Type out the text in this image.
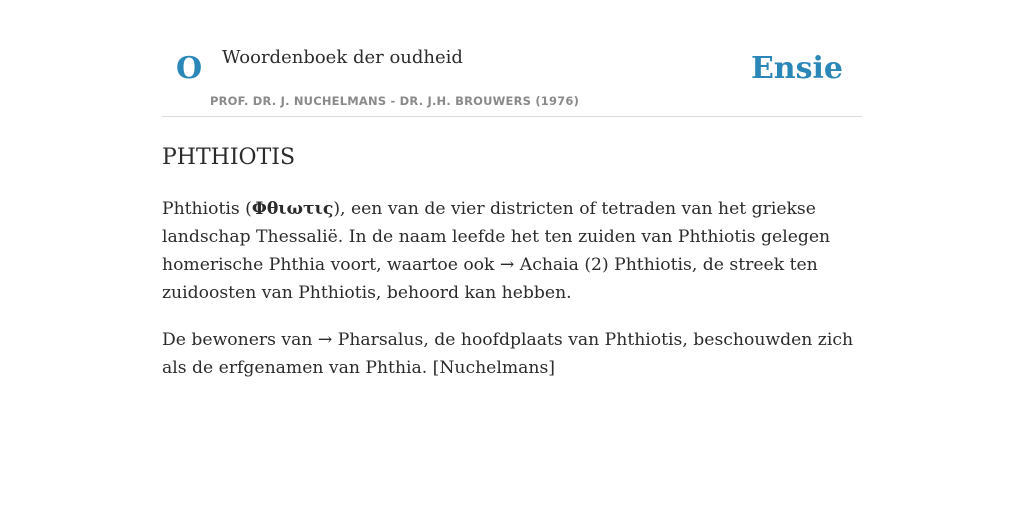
O Woordenboek der oudheid
PROF. DR. J. NUCHELMANS - DR. J.H. BROUWERS (1976)
Ensie
PHTHIOTIS

Phthiotis (Φθιωτις), een van de vier districten of tetraden van het griekse landschap Thessalië. In de naam leefde het ten zuiden van Phthiotis gelegen homerische Phthia voort, waartoe ook → Achaia (2) Phthiotis, de streek ten zuidoosten van Phthiotis, behoord kan hebben.

De bewoners van → Pharsalus, de hoofdplaats van Phthiotis, beschouwden zich als de erfgenamen van Phthia. [Nuchelmans]
